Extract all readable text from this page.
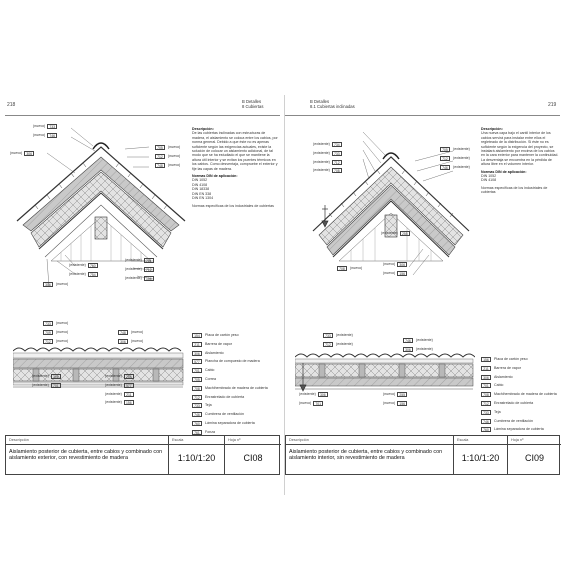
218
B Detalles
8 Cubiertas
(nuevo)	733
(nuevo)	746
(nuevo)	306
(existente)	760
(existente)	754
306	(nuevo)
705	(nuevo)
712	(nuevo)
748	(nuevo)
(existente)	701
(existente)	712
(existente)	156
Descripción:
De las cubiertas inclinadas con estructuras de madera, el aislamiento se coloca entre los cabios, por norma general. Debido a que éste no es apenas suficiente según las exigencias actuales, existe la solución de colocar un aislamiento adicional, de tal modo que se ha estudiado el que se mantiene la altura útil interior y se evitan los puentes térmicos en los cabios. Como desventaja, compruebe el exterior y fije las capas de madera.
Normas DIN de aplicación:
DIN 1052
DIN 4108
DIN 18338
DIN EN 338
DIN EN 1304
Normas específicas de los industriales de cubiertas
733	(nuevo)
709	(nuevo)
712	(nuevo)
748	(nuevo)
306	(nuevo)
(existente)	306
(existente)	701
(existente)	255
(existente)	577
(existente)	211
(existente)	156
154	Placa de cartón yeso
211	Barrera de vapor
306	Aislamiento
577	Plancha de compuesto de madera
701	Cabio
705	Correa
708	Machihembrado de madera de cubierta
712	Enrastrelado de cubierta
733	Teja
746	Cumbrera de ventilación
760	Lámina separadora de cubierta
761	Fonza
Descripción
Aislamiento posterior de cubierta, entre cabios y combinado con aislamiento exterior, con revestimiento de madera
Escala
1:10/1:20
Hoja nº
CI08
219
B Detalles
8.1 Cubiertas inclinadas
(existente)	734
(existente)	733
(existente)	712
(existente)	708
705	(existente)
712	(existente)
746	(existente)
(existente)	255
(nuevo)	306
(nuevo)	156
708	(nuevo)
Descripción:
Una nueva capa bajo el cantil interior de los cabios servirá para instalar entre ellos el regleteado de la distribución. Si éste no es suficiente según la exigencia del proyecto, se instalará aislamiento por encima de los cabios en la cara exterior para mantener la continuidad. La desventaja se encuentra en la pérdida de altura libre en el volumen interior.
Normas DIN de aplicación:
DIN 1052
DIN 4108
Normas específicas de los industriales de cubiertas
733	(existente)
712	(existente)
746	(existente)
306	(existente)
(existente)	306
(nuevo)	701
(nuevo)	255
(nuevo)	156
156	Placa de cartón yeso
211	Barrera de vapor
306	Aislamiento
701	Cabio
708	Machihembrado de madera de cubierta
712	Enrastrelado de cubierta
733	Teja
746	Cumbrera de ventilación
760	Lámina separadora de cubierta
Descripción
Aislamiento posterior de cubierta, entre cabios y combinado con aislamiento interior, sin revestimiento de madera
Escala
1:10/1:20
Hoja nº
CI09
